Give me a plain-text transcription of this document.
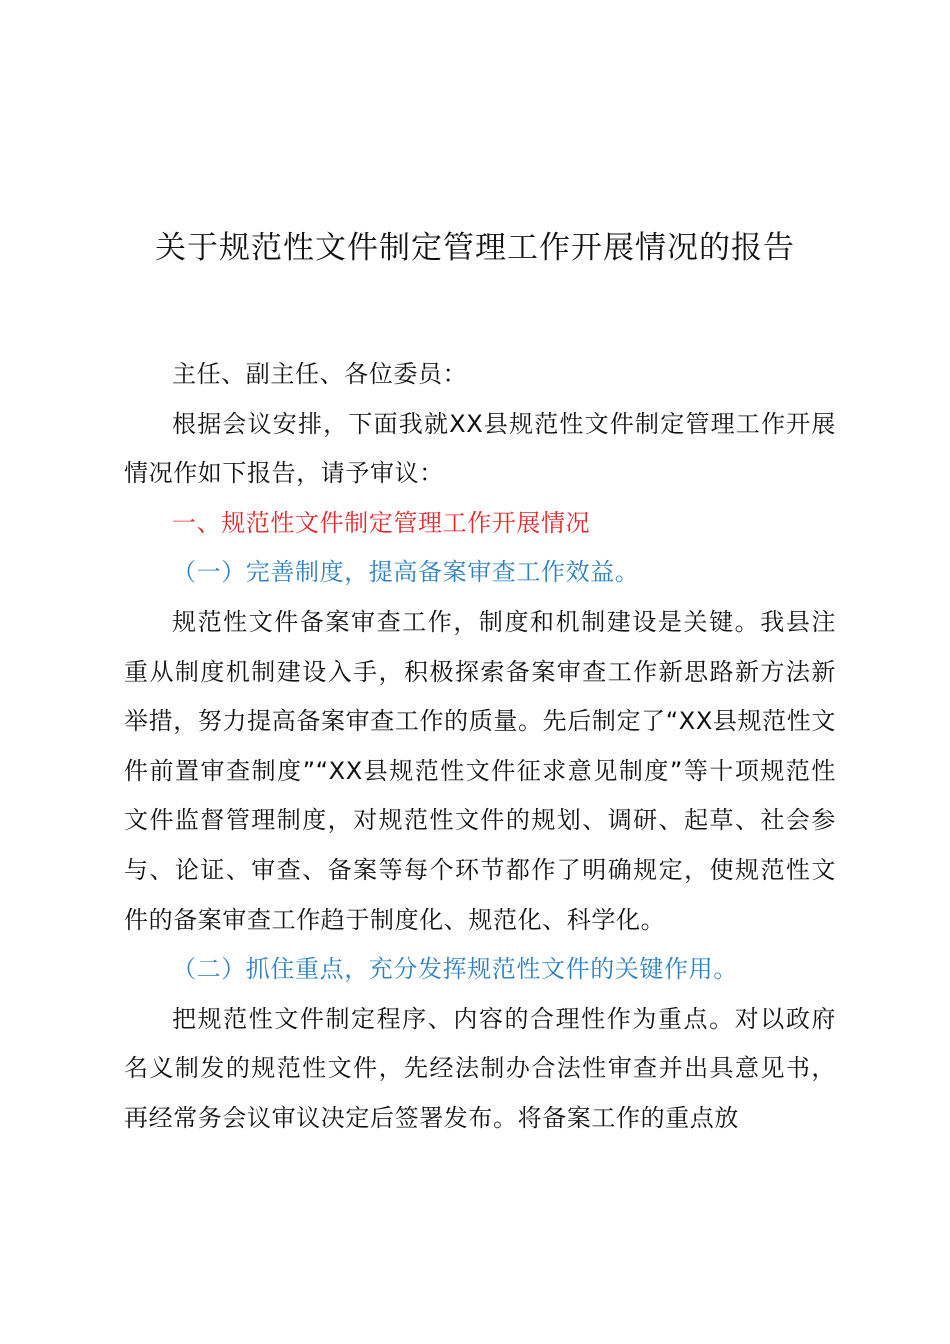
关于规范性文件制定管理工作开展情况的报告

主任、副主任、各位委员：

根据会议安排，下面我就XX县规范性文件制定管理工作开展情况作如下报告，请予审议：

一、规范性文件制定管理工作开展情况

（一）完善制度，提高备案审查工作效益。

规范性文件备案审查工作，制度和机制建设是关键。我县注重从制度机制建设入手，积极探索备案审查工作新思路新方法新举措，努力提高备案审查工作的质量。先后制定了“XX县规范性文件前置审查制度”“XX县规范性文件征求意见制度”等十项规范性文件监督管理制度，对规范性文件的规划、调研、起草、社会参与、论证、审查、备案等每个环节都作了明确规定，使规范性文件的备案审查工作趋于制度化、规范化、科学化。

（二）抓住重点，充分发挥规范性文件的关键作用。

把规范性文件制定程序、内容的合理性作为重点。对以政府名义制发的规范性文件，先经法制办合法性审查并出具意见书，再经常务会议审议决定后签署发布。将备案工作的重点放
